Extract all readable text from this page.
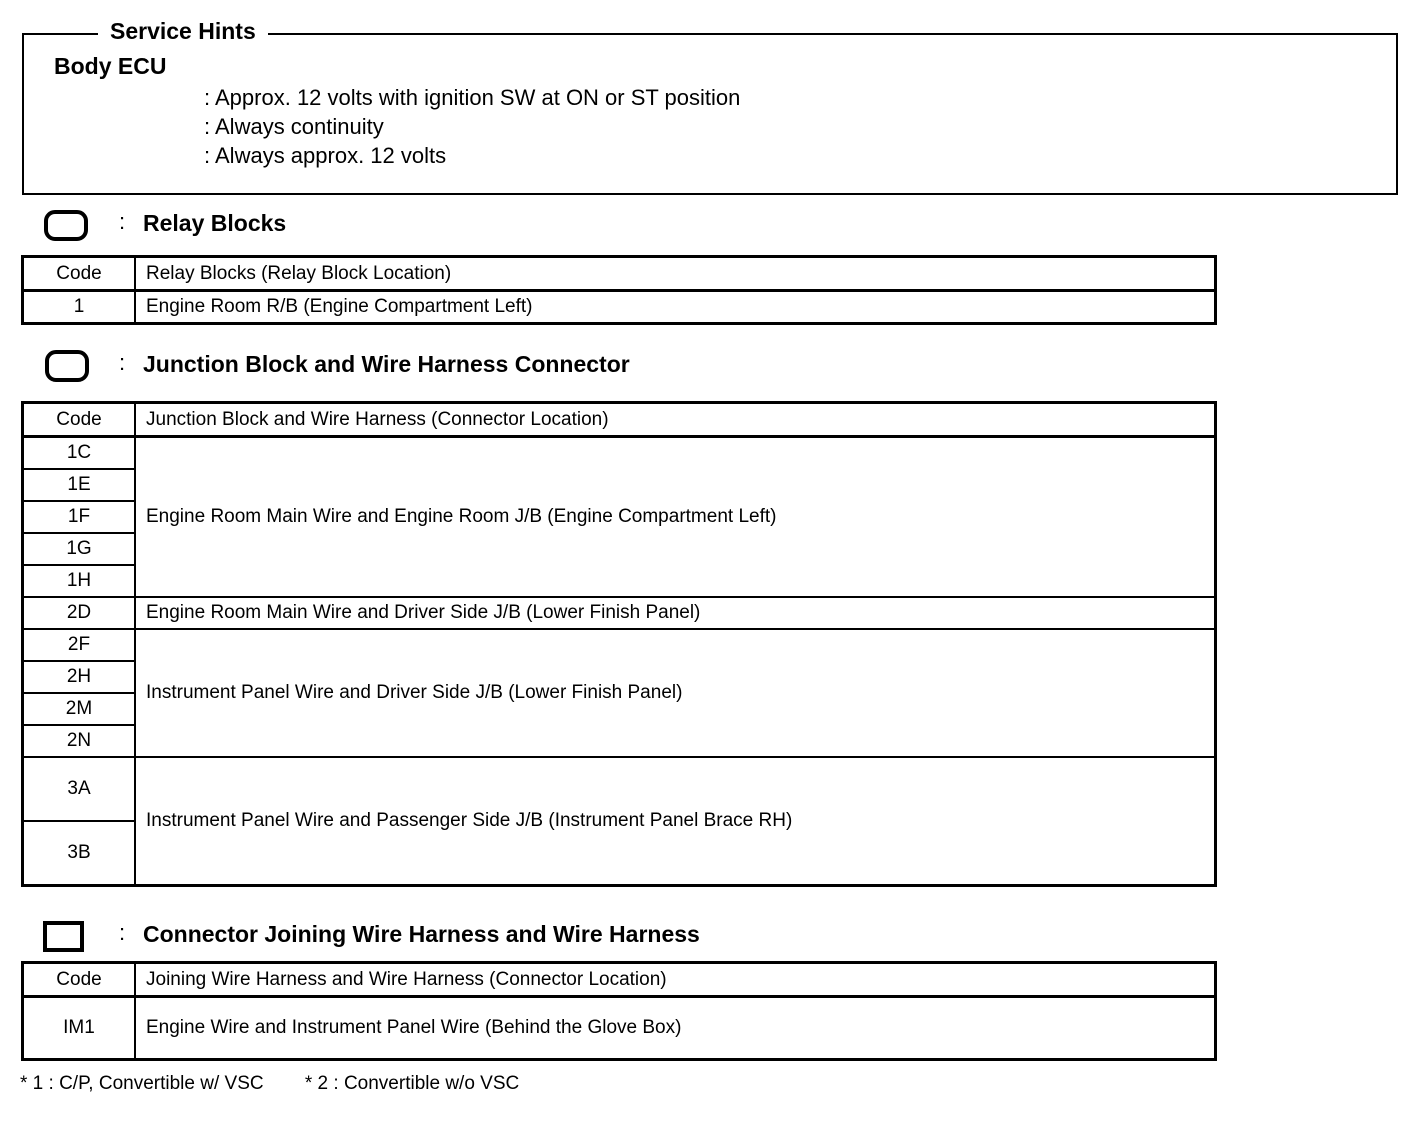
: Approx. 12 volts with ignition SW at ON or ST position
: Always continuity
: Always approx. 12 volts
Service Hints
Body ECU
: Relay Blocks
Code	Relay Blocks (Relay Block Location)
1	Engine Room R/B (Engine Compartment Left)
: Junction Block and Wire Harness Connector
Code	Junction Block and Wire Harness (Connector Location)
1C	Engine Room Main Wire and Engine Room J/B (Engine Compartment Left)
1E	
1F	
1G	
1H	
2D	Engine Room Main Wire and Driver Side J/B (Lower Finish Panel)
2F	Instrument Panel Wire and Driver Side J/B (Lower Finish Panel)
2H	
2M	
2N	
3A	Instrument Panel Wire and Passenger Side J/B (Instrument Panel Brace RH)
3B	
: Connector Joining Wire Harness and Wire Harness
Code	Joining Wire Harness and Wire Harness (Connector Location)
IM1	Engine Wire and Instrument Panel Wire (Behind the Glove Box)
* 1 : C/P, Convertible w/ VSC * 2 : Convertible w/o VSC
